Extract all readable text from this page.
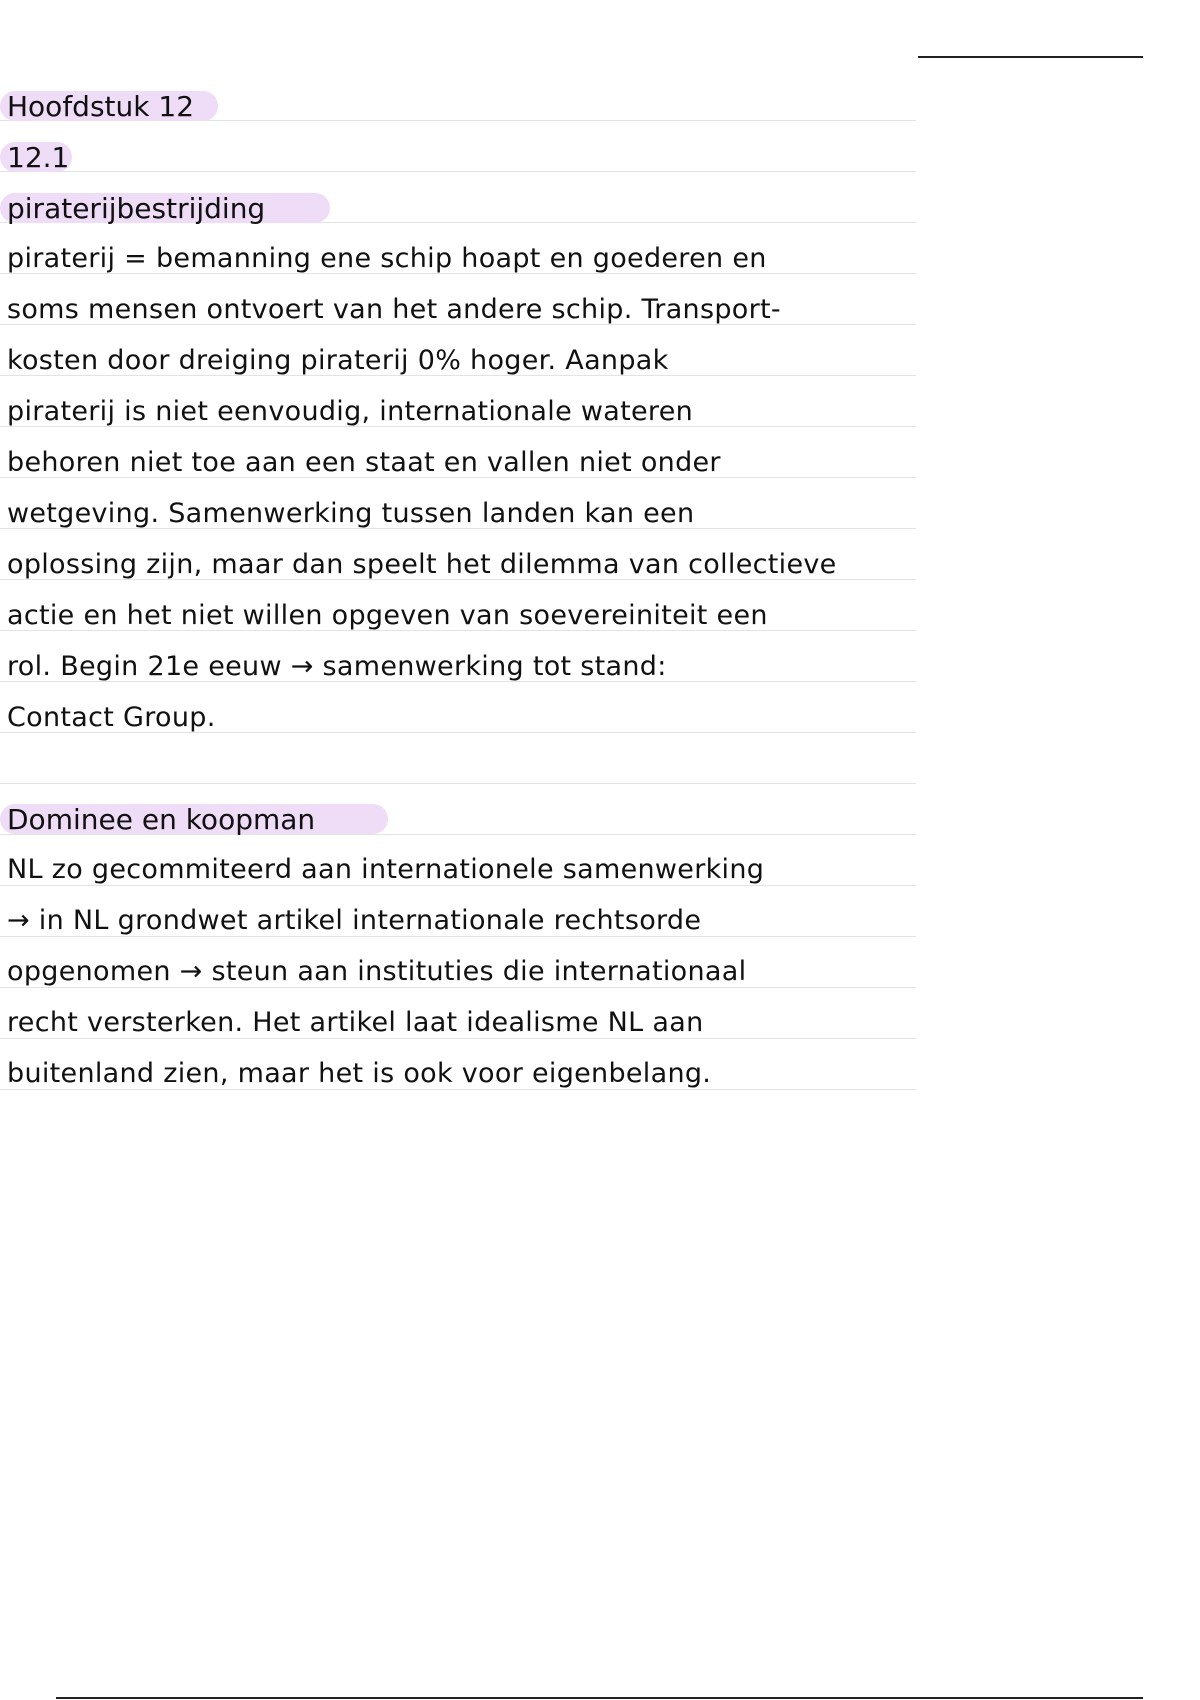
Hoofdstuk 12
12.1
piraterijbestrijding
piraterij = bemanning ene schip hoapt en goederen en
soms mensen ontvoert van het andere schip. Transport-
kosten door dreiging piraterij 0% hoger. Aanpak
piraterij is niet eenvoudig, internationale wateren
behoren niet toe aan een staat en vallen niet onder
wetgeving. Samenwerking tussen landen kan een
oplossing zijn, maar dan speelt het dilemma van collectieve
actie en het niet willen opgeven van soevereiniteit een
rol. Begin 21e eeuw → samenwerking tot stand:
Contact Group.
Dominee en koopman
NL zo gecommiteerd aan internationele samenwerking
→ in NL grondwet artikel internationale rechtsorde
opgenomen → steun aan instituties die internationaal
recht versterken. Het artikel laat idealisme NL aan
buitenland zien, maar het is ook voor eigenbelang.
